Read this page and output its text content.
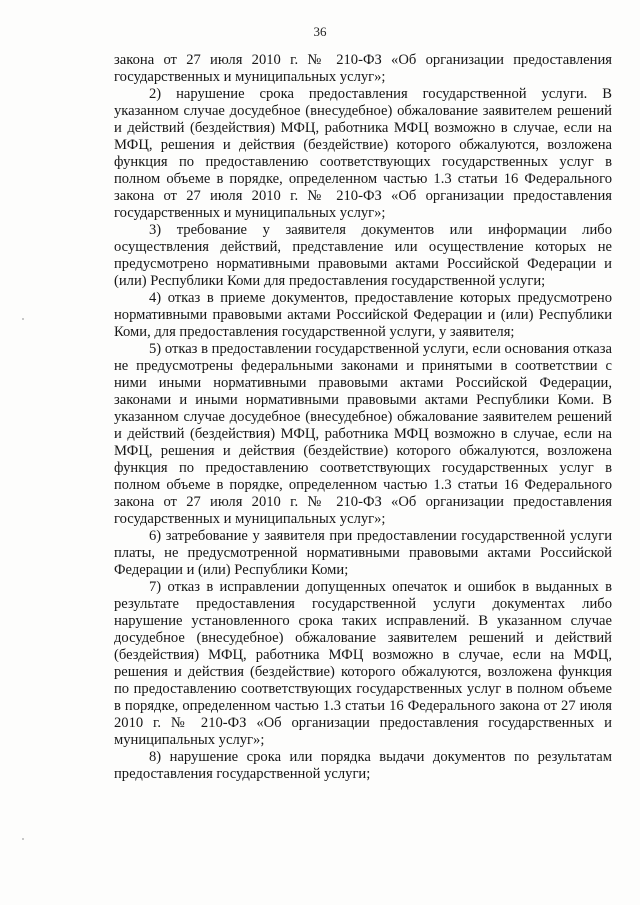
36

закона от 27 июля 2010 г. № 210-ФЗ «Об организации предоставления государственных и муниципальных услуг»;

2) нарушение срока предоставления государственной услуги. В указанном случае досудебное (внесудебное) обжалование заявителем решений и действий (бездействия) МФЦ, работника МФЦ возможно в случае, если на МФЦ, решения и действия (бездействие) которого обжалуются, возложена функция по предоставлению соответствующих государственных услуг в полном объеме в порядке, определенном частью 1.3 статьи 16 Федерального закона от 27 июля 2010 г. № 210-ФЗ «Об организации предоставления государственных и муниципальных услуг»;

3) требование у заявителя документов или информации либо осуществления действий, представление или осуществление которых не предусмотрено нормативными правовыми актами Российской Федерации и (или) Республики Коми для предоставления государственной услуги;

4) отказ в приеме документов, предоставление которых предусмотрено нормативными правовыми актами Российской Федерации и (или) Республики Коми, для предоставления государственной услуги, у заявителя;

5) отказ в предоставлении государственной услуги, если основания отказа не предусмотрены федеральными законами и принятыми в соответствии с ними иными нормативными правовыми актами Российской Федерации, законами и иными нормативными правовыми актами Республики Коми. В указанном случае досудебное (внесудебное) обжалование заявителем решений и действий (бездействия) МФЦ, работника МФЦ возможно в случае, если на МФЦ, решения и действия (бездействие) которого обжалуются, возложена функция по предоставлению соответствующих государственных услуг в полном объеме в порядке, определенном частью 1.3 статьи 16 Федерального закона от 27 июля 2010 г. № 210-ФЗ «Об организации предоставления государственных и муниципальных услуг»;

6) затребование у заявителя при предоставлении государственной услуги платы, не предусмотренной нормативными правовыми актами Российской Федерации и (или) Республики Коми;

7) отказ в исправлении допущенных опечаток и ошибок в выданных в результате предоставления государственной услуги документах либо нарушение установленного срока таких исправлений. В указанном случае досудебное (внесудебное) обжалование заявителем решений и действий (бездействия) МФЦ, работника МФЦ возможно в случае, если на МФЦ, решения и действия (бездействие) которого обжалуются, возложена функция по предоставлению соответствующих государственных услуг в полном объеме в порядке, определенном частью 1.3 статьи 16 Федерального закона от 27 июля 2010 г. № 210-ФЗ «Об организации предоставления государственных и муниципальных услуг»;

8) нарушение срока или порядка выдачи документов по результатам предоставления государственной услуги;
